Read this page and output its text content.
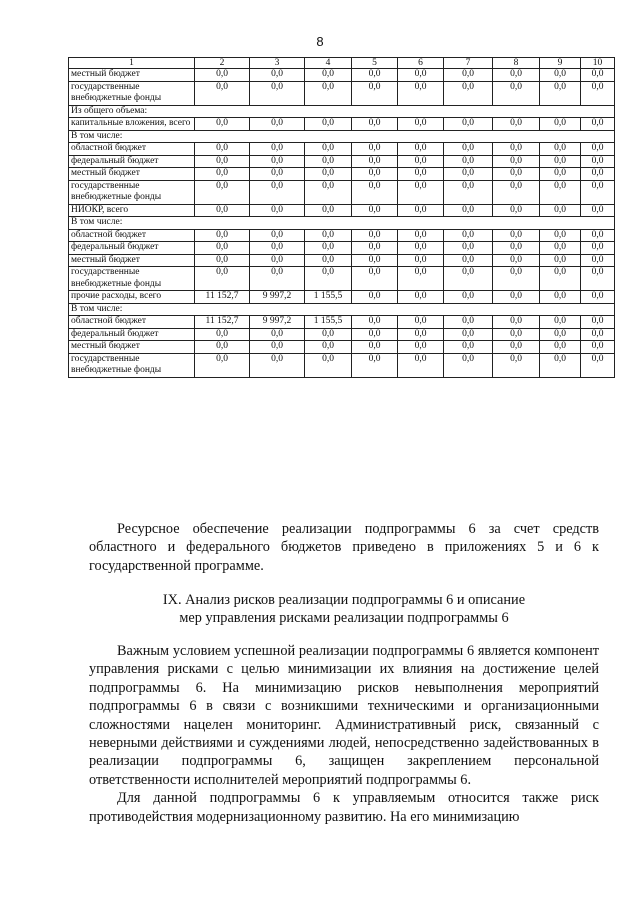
8
1	2	3	4	5	6	7	8	9	10
местный бюджет	0,0	0,0	0,0	0,0	0,0	0,0	0,0	0,0	0,0
государственные внебюджетные фонды	0,0	0,0	0,0	0,0	0,0	0,0	0,0	0,0	0,0
Из общего объема:									
капитальные вложения, всего	0,0	0,0	0,0	0,0	0,0	0,0	0,0	0,0	0,0
В том числе:									
областной бюджет	0,0	0,0	0,0	0,0	0,0	0,0	0,0	0,0	0,0
федеральный бюджет	0,0	0,0	0,0	0,0	0,0	0,0	0,0	0,0	0,0
местный бюджет	0,0	0,0	0,0	0,0	0,0	0,0	0,0	0,0	0,0
государственные внебюджетные фонды	0,0	0,0	0,0	0,0	0,0	0,0	0,0	0,0	0,0
НИОКР, всего	0,0	0,0	0,0	0,0	0,0	0,0	0,0	0,0	0,0
В том числе:									
областной бюджет	0,0	0,0	0,0	0,0	0,0	0,0	0,0	0,0	0,0
федеральный бюджет	0,0	0,0	0,0	0,0	0,0	0,0	0,0	0,0	0,0
местный бюджет	0,0	0,0	0,0	0,0	0,0	0,0	0,0	0,0	0,0
государственные внебюджетные фонды	0,0	0,0	0,0	0,0	0,0	0,0	0,0	0,0	0,0
прочие расходы, всего	11 152,7	9 997,2	1 155,5	0,0	0,0	0,0	0,0	0,0	0,0
В том числе:									
областной бюджет	11 152,7	9 997,2	1 155,5	0,0	0,0	0,0	0,0	0,0	0,0
федеральный бюджет	0,0	0,0	0,0	0,0	0,0	0,0	0,0	0,0	0,0
местный бюджет	0,0	0,0	0,0	0,0	0,0	0,0	0,0	0,0	0,0
государственные внебюджетные фонды	0,0	0,0	0,0	0,0	0,0	0,0	0,0	0,0	0,0

Ресурсное обеспечение реализации подпрограммы 6 за счет средств областного и федерального бюджетов приведено в приложениях 5 и 6 к государственной программе.

IX. Анализ рисков реализации подпрограммы 6 и описание
мер управления рисками реализации подпрограммы 6

Важным условием успешной реализации подпрограммы 6 является компонент управления рисками с целью минимизации их влияния на достижение целей подпрограммы 6. На минимизацию рисков невыполнения мероприятий подпрограммы 6 в связи с возникшими техническими и организационными сложностями нацелен мониторинг. Административный риск, связанный с неверными действиями и суждениями людей, непосредственно задействованных в реализации подпрограммы 6, защищен закреплением персональной ответственности исполнителей мероприятий подпрограммы 6.

Для данной подпрограммы 6 к управляемым относится также риск противодействия модернизационному развитию. На его минимизацию
